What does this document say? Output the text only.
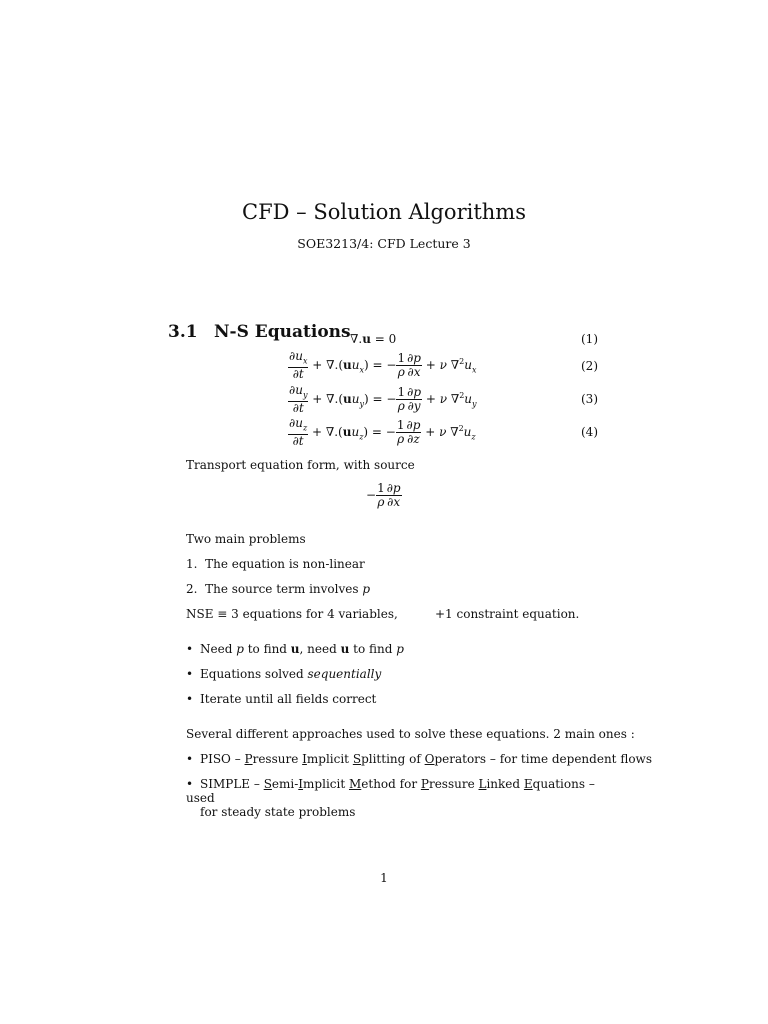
CFD – Solution Algorithms
SOE3213/4: CFD Lecture 3
3.1 N-S Equations ∇.u = 0	(1)
$\frac{\partial u_x}{\partial t} + \nabla.(uu_x)$ = − $\frac{1}{\rho} \frac{\partial p}{\partial x} + \nu$ $\nabla^2u_x$	(2)
$\frac{\partial u_y}{\partial t} + \nabla.(uu_y)$ = − $\frac{1}{\rho} \frac{\partial p}{\partial y} + \nu$ $\nabla^2u_y$	(3)
$\frac{\partial u_z}{\partial t} + \nabla.(uu_z)$ = − $\frac{1}{\rho} \frac{\partial p}{\partial z} + \nu$ $\nabla^2u_z$	(4)
Transport equation form, with source
− $\frac{1}{\rho} \frac{\partial p}{\partial x}$
Two main problems
1. The equation is non-linear
2. The source term involves p
NSE ≡ 3 equations for 4 variables,	+1 constraint equation.
• Need p to find u, need u to find p
• Equations solved sequentially
• Iterate until all fields correct
Several different approaches used to solve these equations. 2 main ones :
• PISO – Pressure Implicit Splitting of Operators – for time dependent flows
• SIMPLE – Semi-Implicit Method for Pressure Linked Equations – used
for steady state problems
1
